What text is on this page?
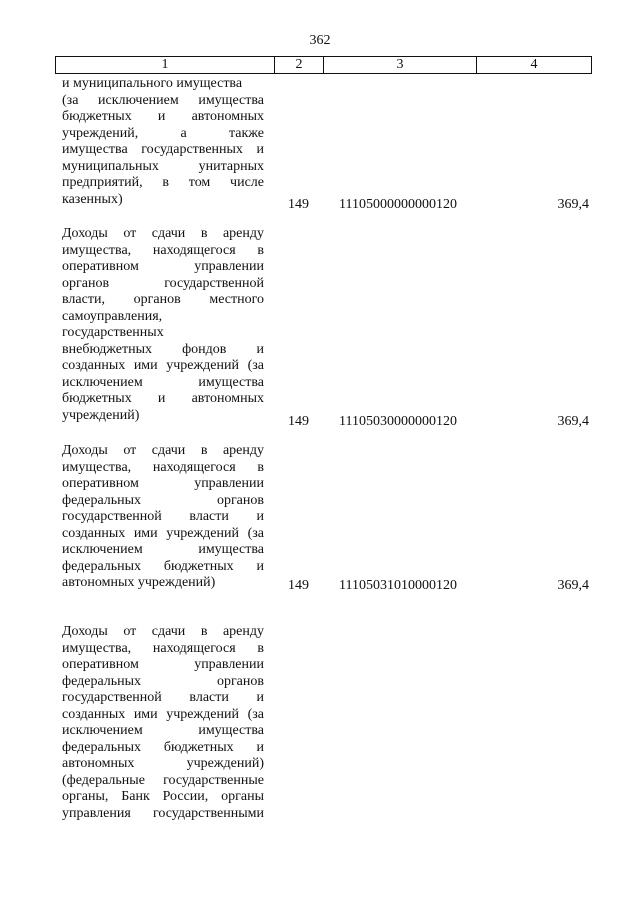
362
1	2	3	4
и муниципального имущества
(за исключением имущества
бюджетных и автономных
учреждений,	а	также
имущества государственных и
муниципальных	унитарных
предприятий, в том числе
казенных)	149 11105000000000120	369,4
Доходы от сдачи в аренду
имущества, находящегося в
оперативном	управлении
органов	государственной
власти, органов местного
самоуправления,
государственных
внебюджетных фондов и
созданных ими учреждений (за
исключением	имущества
бюджетных и автономных
учреждений)	149 11105030000000120	369,4
Доходы от сдачи в аренду
имущества, находящегося в
оперативном	управлении
федеральных	органов
государственной власти и
созданных ими учреждений (за
исключением	имущества
федеральных бюджетных и
автономных учреждений)	149 11105031010000120	369,4
Доходы от сдачи в аренду
имущества, находящегося в
оперативном	управлении
федеральных	органов
государственной власти и
созданных ими учреждений (за
исключением	имущества
федеральных бюджетных и
автономных	учреждений)
(федеральные государственные
органы, Банк России, органы
управления государственными
